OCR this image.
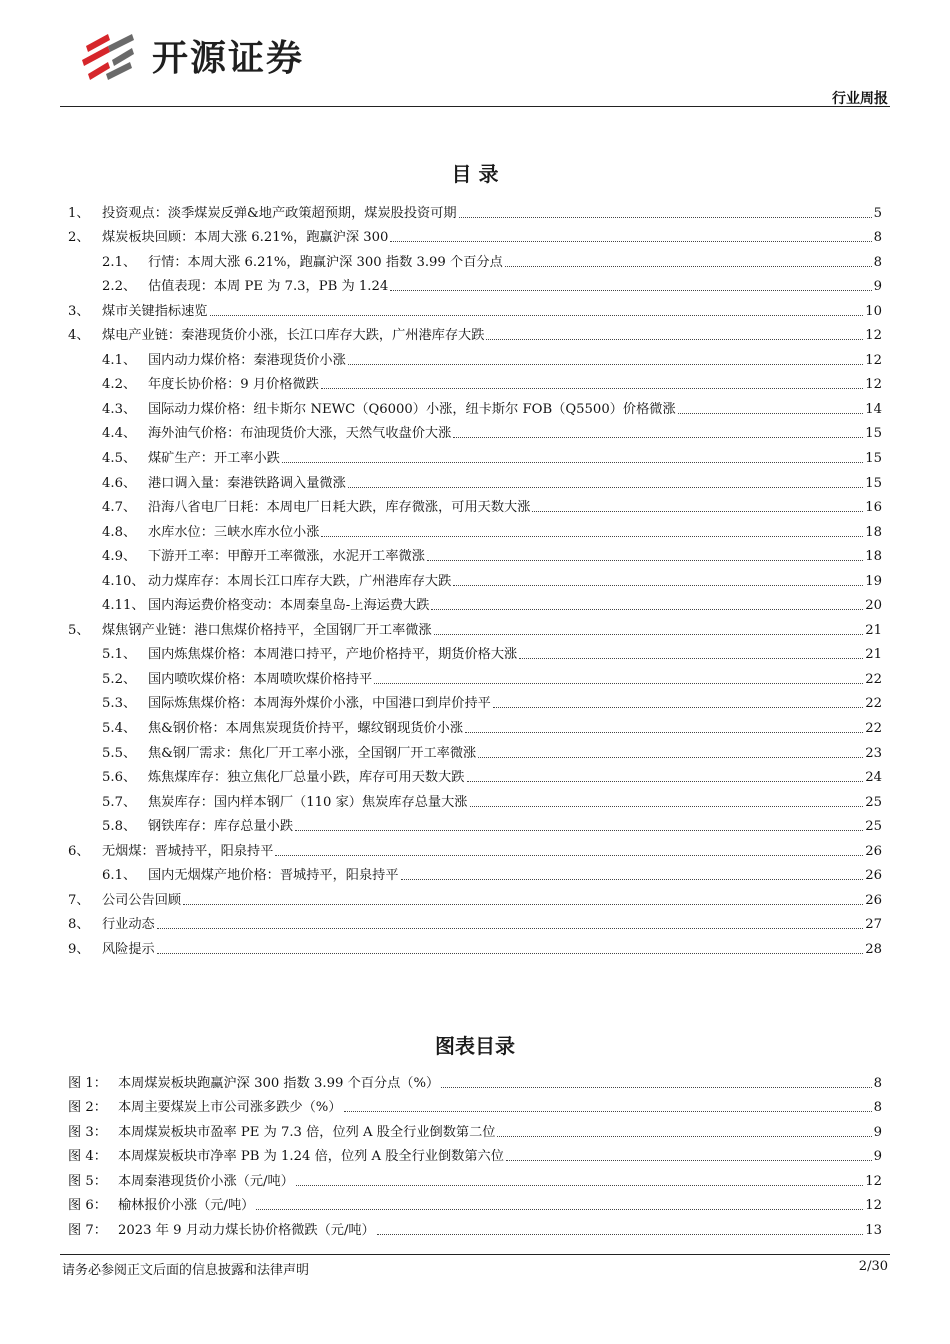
开源证券
行业周报
目 录
1、 投资观点：淡季煤炭反弹&地产政策超预期，煤炭股投资可期	5
2、 煤炭板块回顾：本周大涨 6.21%，跑赢沪深 300	8
2.1、 行情：本周大涨 6.21%，跑赢沪深 300 指数 3.99 个百分点	8
2.2、 估值表现：本周 PE 为 7.3，PB 为 1.24	9
3、 煤市关键指标速览	10
4、 煤电产业链：秦港现货价小涨，长江口库存大跌，广州港库存大跌	12
4.1、 国内动力煤价格：秦港现货价小涨	12
4.2、 年度长协价格：9 月价格微跌	12
4.3、 国际动力煤价格：纽卡斯尔 NEWC（Q6000）小涨，纽卡斯尔 FOB（Q5500）价格微涨	14
4.4、 海外油气价格：布油现货价大涨，天然气收盘价大涨	15
4.5、 煤矿生产：开工率小跌	15
4.6、 港口调入量：秦港铁路调入量微涨	15
4.7、 沿海八省电厂日耗：本周电厂日耗大跌，库存微涨，可用天数大涨	16
4.8、 水库水位：三峡水库水位小涨	18
4.9、 下游开工率：甲醇开工率微涨，水泥开工率微涨	18
4.10、 动力煤库存：本周长江口库存大跌，广州港库存大跌	19
4.11、 国内海运费价格变动：本周秦皇岛-上海运费大跌	20
5、 煤焦钢产业链：港口焦煤价格持平，全国钢厂开工率微涨	21
5.1、 国内炼焦煤价格：本周港口持平，产地价格持平，期货价格大涨	21
5.2、 国内喷吹煤价格：本周喷吹煤价格持平	22
5.3、 国际炼焦煤价格：本周海外煤价小涨，中国港口到岸价持平	22
5.4、 焦&钢价格：本周焦炭现货价持平，螺纹钢现货价小涨	22
5.5、 焦&钢厂需求：焦化厂开工率小涨，全国钢厂开工率微涨	23
5.6、 炼焦煤库存：独立焦化厂总量小跌，库存可用天数大跌	24
5.7、 焦炭库存：国内样本钢厂（110 家）焦炭库存总量大涨	25
5.8、 钢铁库存：库存总量小跌	25
6、 无烟煤：晋城持平，阳泉持平	26
6.1、 国内无烟煤产地价格：晋城持平，阳泉持平	26
7、 公司公告回顾	26
8、 行业动态	27
9、 风险提示	28
图表目录
图 1： 本周煤炭板块跑赢沪深 300 指数 3.99 个百分点（%）	8
图 2： 本周主要煤炭上市公司涨多跌少（%）	8
图 3： 本周煤炭板块市盈率 PE 为 7.3 倍，位列 A 股全行业倒数第二位	9
图 4： 本周煤炭板块市净率 PB 为 1.24 倍，位列 A 股全行业倒数第六位	9
图 5： 本周秦港现货价小涨（元/吨）	12
图 6： 榆林报价小涨（元/吨）	12
图 7： 2023 年 9 月动力煤长协价格微跌（元/吨）	13
请务必参阅正文后面的信息披露和法律声明	2/30
